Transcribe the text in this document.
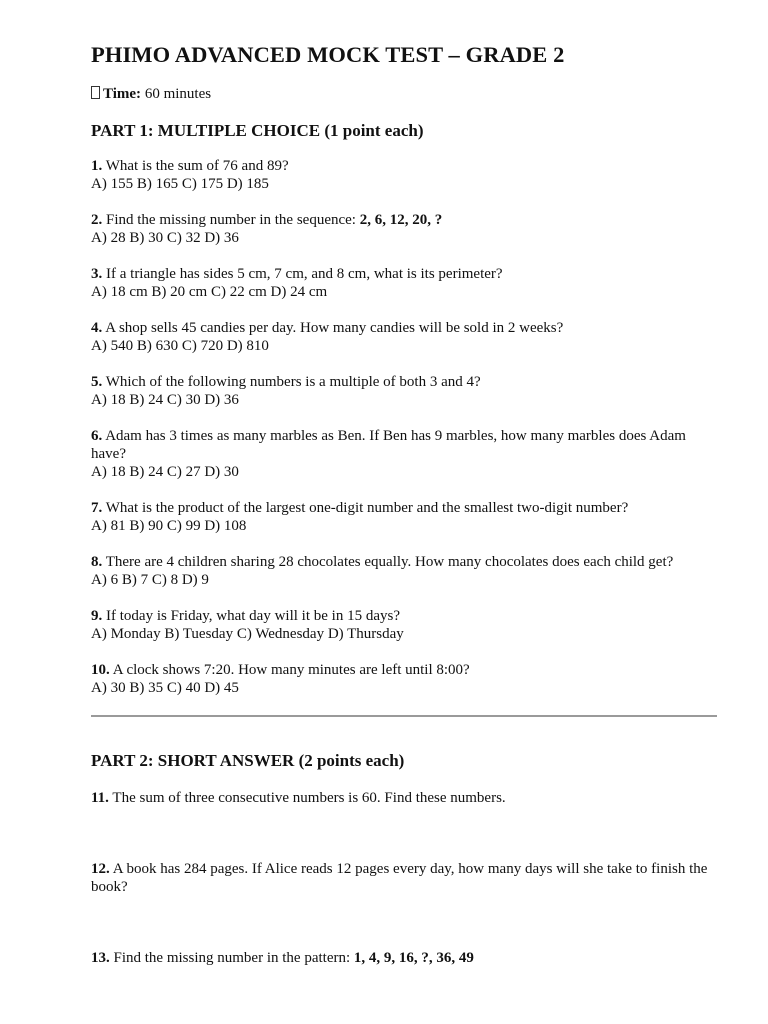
PHIMO ADVANCED MOCK TEST – GRADE 2
Time: 60 minutes
PART 1: MULTIPLE CHOICE (1 point each)
1. What is the sum of 76 and 89?
A) 155 B) 165 C) 175 D) 185
2. Find the missing number in the sequence: 2, 6, 12, 20, ?
A) 28 B) 30 C) 32 D) 36
3. If a triangle has sides 5 cm, 7 cm, and 8 cm, what is its perimeter?
A) 18 cm B) 20 cm C) 22 cm D) 24 cm
4. A shop sells 45 candies per day. How many candies will be sold in 2 weeks?
A) 540 B) 630 C) 720 D) 810
5. Which of the following numbers is a multiple of both 3 and 4?
A) 18 B) 24 C) 30 D) 36
6. Adam has 3 times as many marbles as Ben. If Ben has 9 marbles, how many marbles does Adam have?
A) 18 B) 24 C) 27 D) 30
7. What is the product of the largest one-digit number and the smallest two-digit number?
A) 81 B) 90 C) 99 D) 108
8. There are 4 children sharing 28 chocolates equally. How many chocolates does each child get?
A) 6 B) 7 C) 8 D) 9
9. If today is Friday, what day will it be in 15 days?
A) Monday B) Tuesday C) Wednesday D) Thursday
10. A clock shows 7:20. How many minutes are left until 8:00?
A) 30 B) 35 C) 40 D) 45
PART 2: SHORT ANSWER (2 points each)
11. The sum of three consecutive numbers is 60. Find these numbers.
12. A book has 284 pages. If Alice reads 12 pages every day, how many days will she take to finish the book?
13. Find the missing number in the pattern: 1, 4, 9, 16, ?, 36, 49
